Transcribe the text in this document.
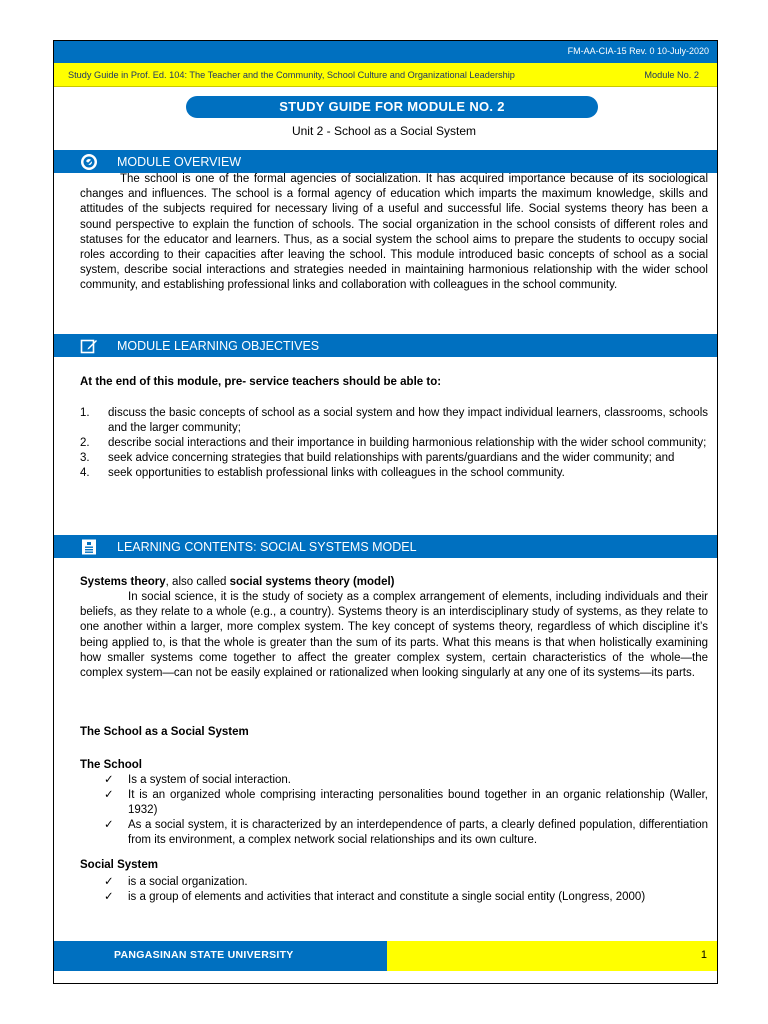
FM-AA-CIA-15 Rev. 0 10-July-2020
Study Guide in Prof. Ed. 104: The Teacher and the Community, School Culture and Organizational Leadership	Module No. 2
STUDY GUIDE FOR MODULE NO. 2
Unit 2 - School as a Social System
MODULE OVERVIEW
The school is one of the formal agencies of socialization. It has acquired importance because of its sociological changes and influences. The school is a formal agency of education which imparts the maximum knowledge, skills and attitudes of the subjects required for necessary living of a useful and successful life. Social systems theory has been a sound perspective to explain the function of schools. The social organization in the school consists of different roles and statuses for the educator and learners. Thus, as a social system the school aims to prepare the students to occupy social roles according to their capacities after leaving the school. This module introduced basic concepts of school as a social system, describe social interactions and strategies needed in maintaining harmonious relationship with the wider school community, and establishing professional links and collaboration with colleagues in the school community.
MODULE LEARNING OBJECTIVES
At the end of this module, pre- service teachers should be able to:
1. discuss the basic concepts of school as a social system and how they impact individual learners, classrooms, schools and the larger community;
2. describe social interactions and their importance in building harmonious relationship with the wider school community;
3. seek advice concerning strategies that build relationships with parents/guardians and the wider community; and
4. seek opportunities to establish professional links with colleagues in the school community.
LEARNING CONTENTS: SOCIAL SYSTEMS MODEL
Systems theory, also called social systems theory (model)
In social science, it is the study of society as a complex arrangement of elements, including individuals and their beliefs, as they relate to a whole (e.g., a country). Systems theory is an interdisciplinary study of systems, as they relate to one another within a larger, more complex system. The key concept of systems theory, regardless of which discipline it’s being applied to, is that the whole is greater than the sum of its parts. What this means is that when holistically examining how smaller systems come together to affect the greater complex system, certain characteristics of the whole—the complex system—can not be easily explained or rationalized when looking singularly at any one of its systems—its parts.
The School as a Social System
The School
✓ Is a system of social interaction.
✓ It is an organized whole comprising interacting personalities bound together in an organic relationship (Waller, 1932)
✓ As a social system, it is characterized by an interdependence of parts, a clearly defined population, differentiation from its environment, a complex network social relationships and its own culture.
Social System
✓ is a social organization.
✓ is a group of elements and activities that interact and constitute a single social entity (Longress, 2000)
PANGASINAN STATE UNIVERSITY	1
